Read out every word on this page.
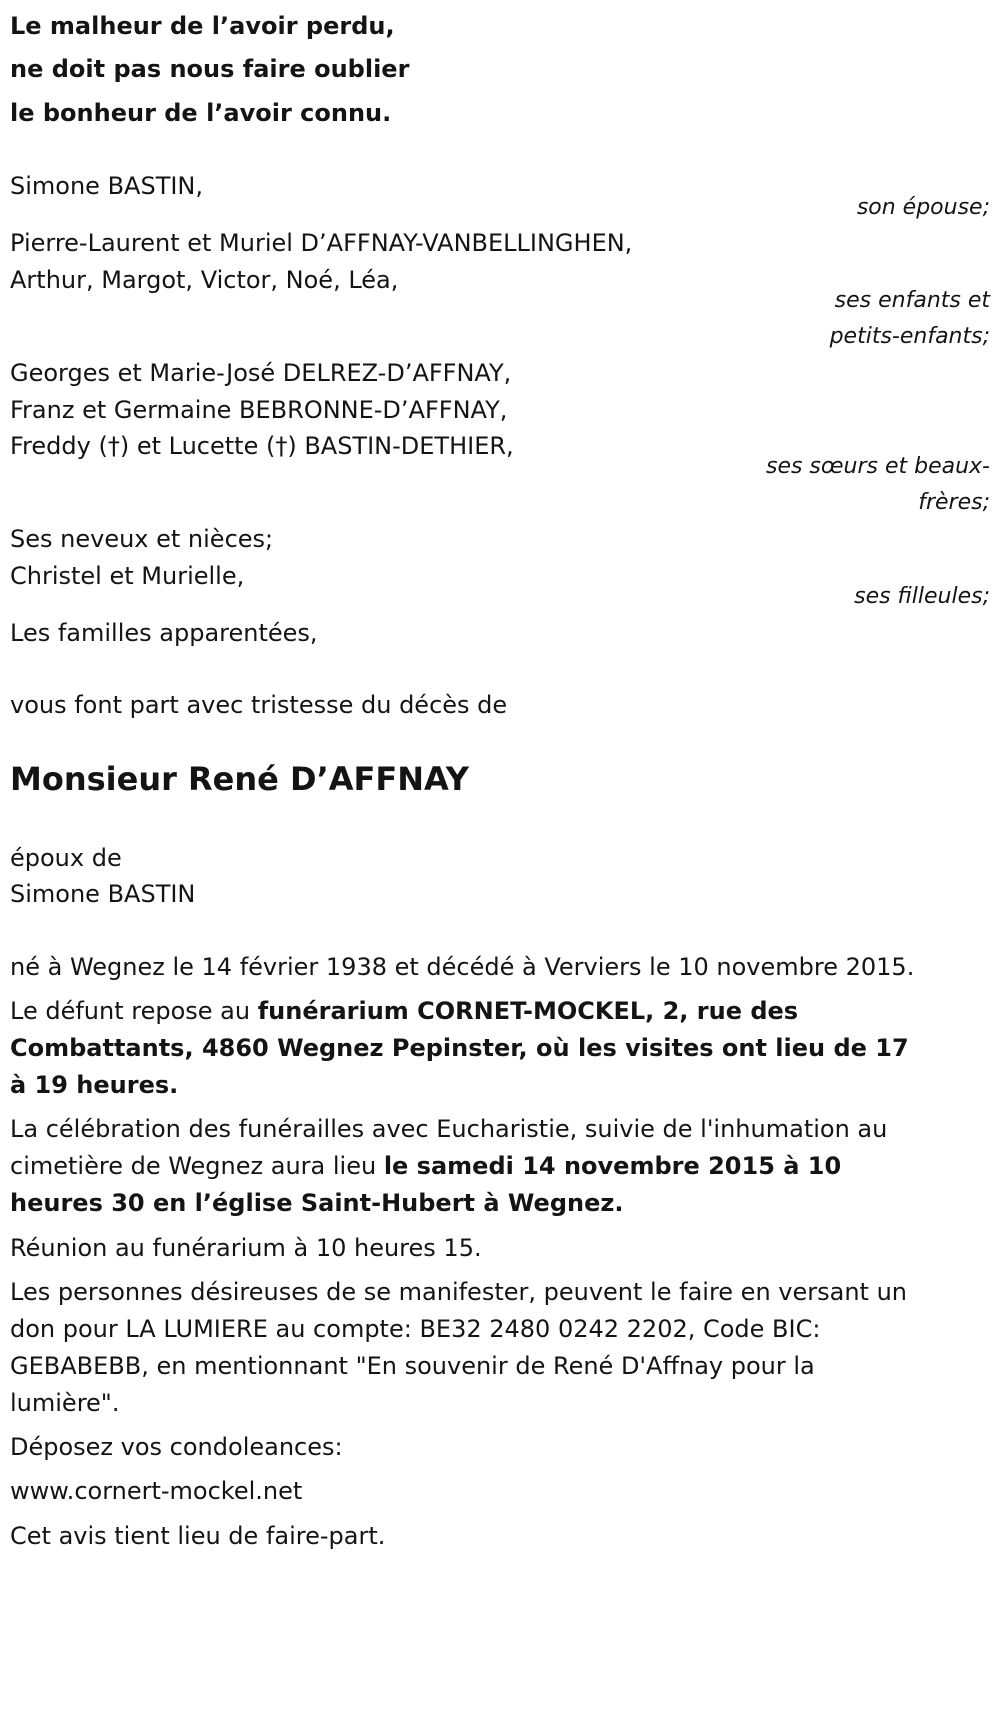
Le malheur de l’avoir perdu,

ne doit pas nous faire oublier

le bonheur de l’avoir connu.

Simone BASTIN,

son épouse;

Pierre-Laurent et Muriel D’AFFNAY-VANBELLINGHEN,

Arthur, Margot, Victor, Noé, Léa,

ses enfants et

petits-enfants;

Georges et Marie-José DELREZ-D’AFFNAY,

Franz et Germaine BEBRONNE-D’AFFNAY,

Freddy (†) et Lucette (†) BASTIN-DETHIER,

ses sœurs et beaux-

frères;

Ses neveux et nièces;

Christel et Murielle,

ses filleules;

Les familles apparentées,

vous font part avec tristesse du décès de

Monsieur René D’AFFNAY

époux de

Simone BASTIN

né à Wegnez le 14 février 1938 et décédé à Verviers le 10 novembre 2015.

Le défunt repose au funérarium CORNET-MOCKEL, 2, rue des Combattants, 4860 Wegnez Pepinster, où les visites ont lieu de 17 à 19 heures.

La célébration des funérailles avec Eucharistie, suivie de l'inhumation au cimetière de Wegnez aura lieu le samedi 14 novembre 2015 à 10 heures 30 en l’église Saint-Hubert à Wegnez.

Réunion au funérarium à 10 heures 15.

Les personnes désireuses de se manifester, peuvent le faire en versant un don pour LA LUMIERE au compte: BE32 2480 0242 2202, Code BIC: GEBABEBB, en mentionnant "En souvenir de René D'Affnay pour la lumière".

Déposez vos condoleances:

www.cornert-mockel.net

Cet avis tient lieu de faire-part.
